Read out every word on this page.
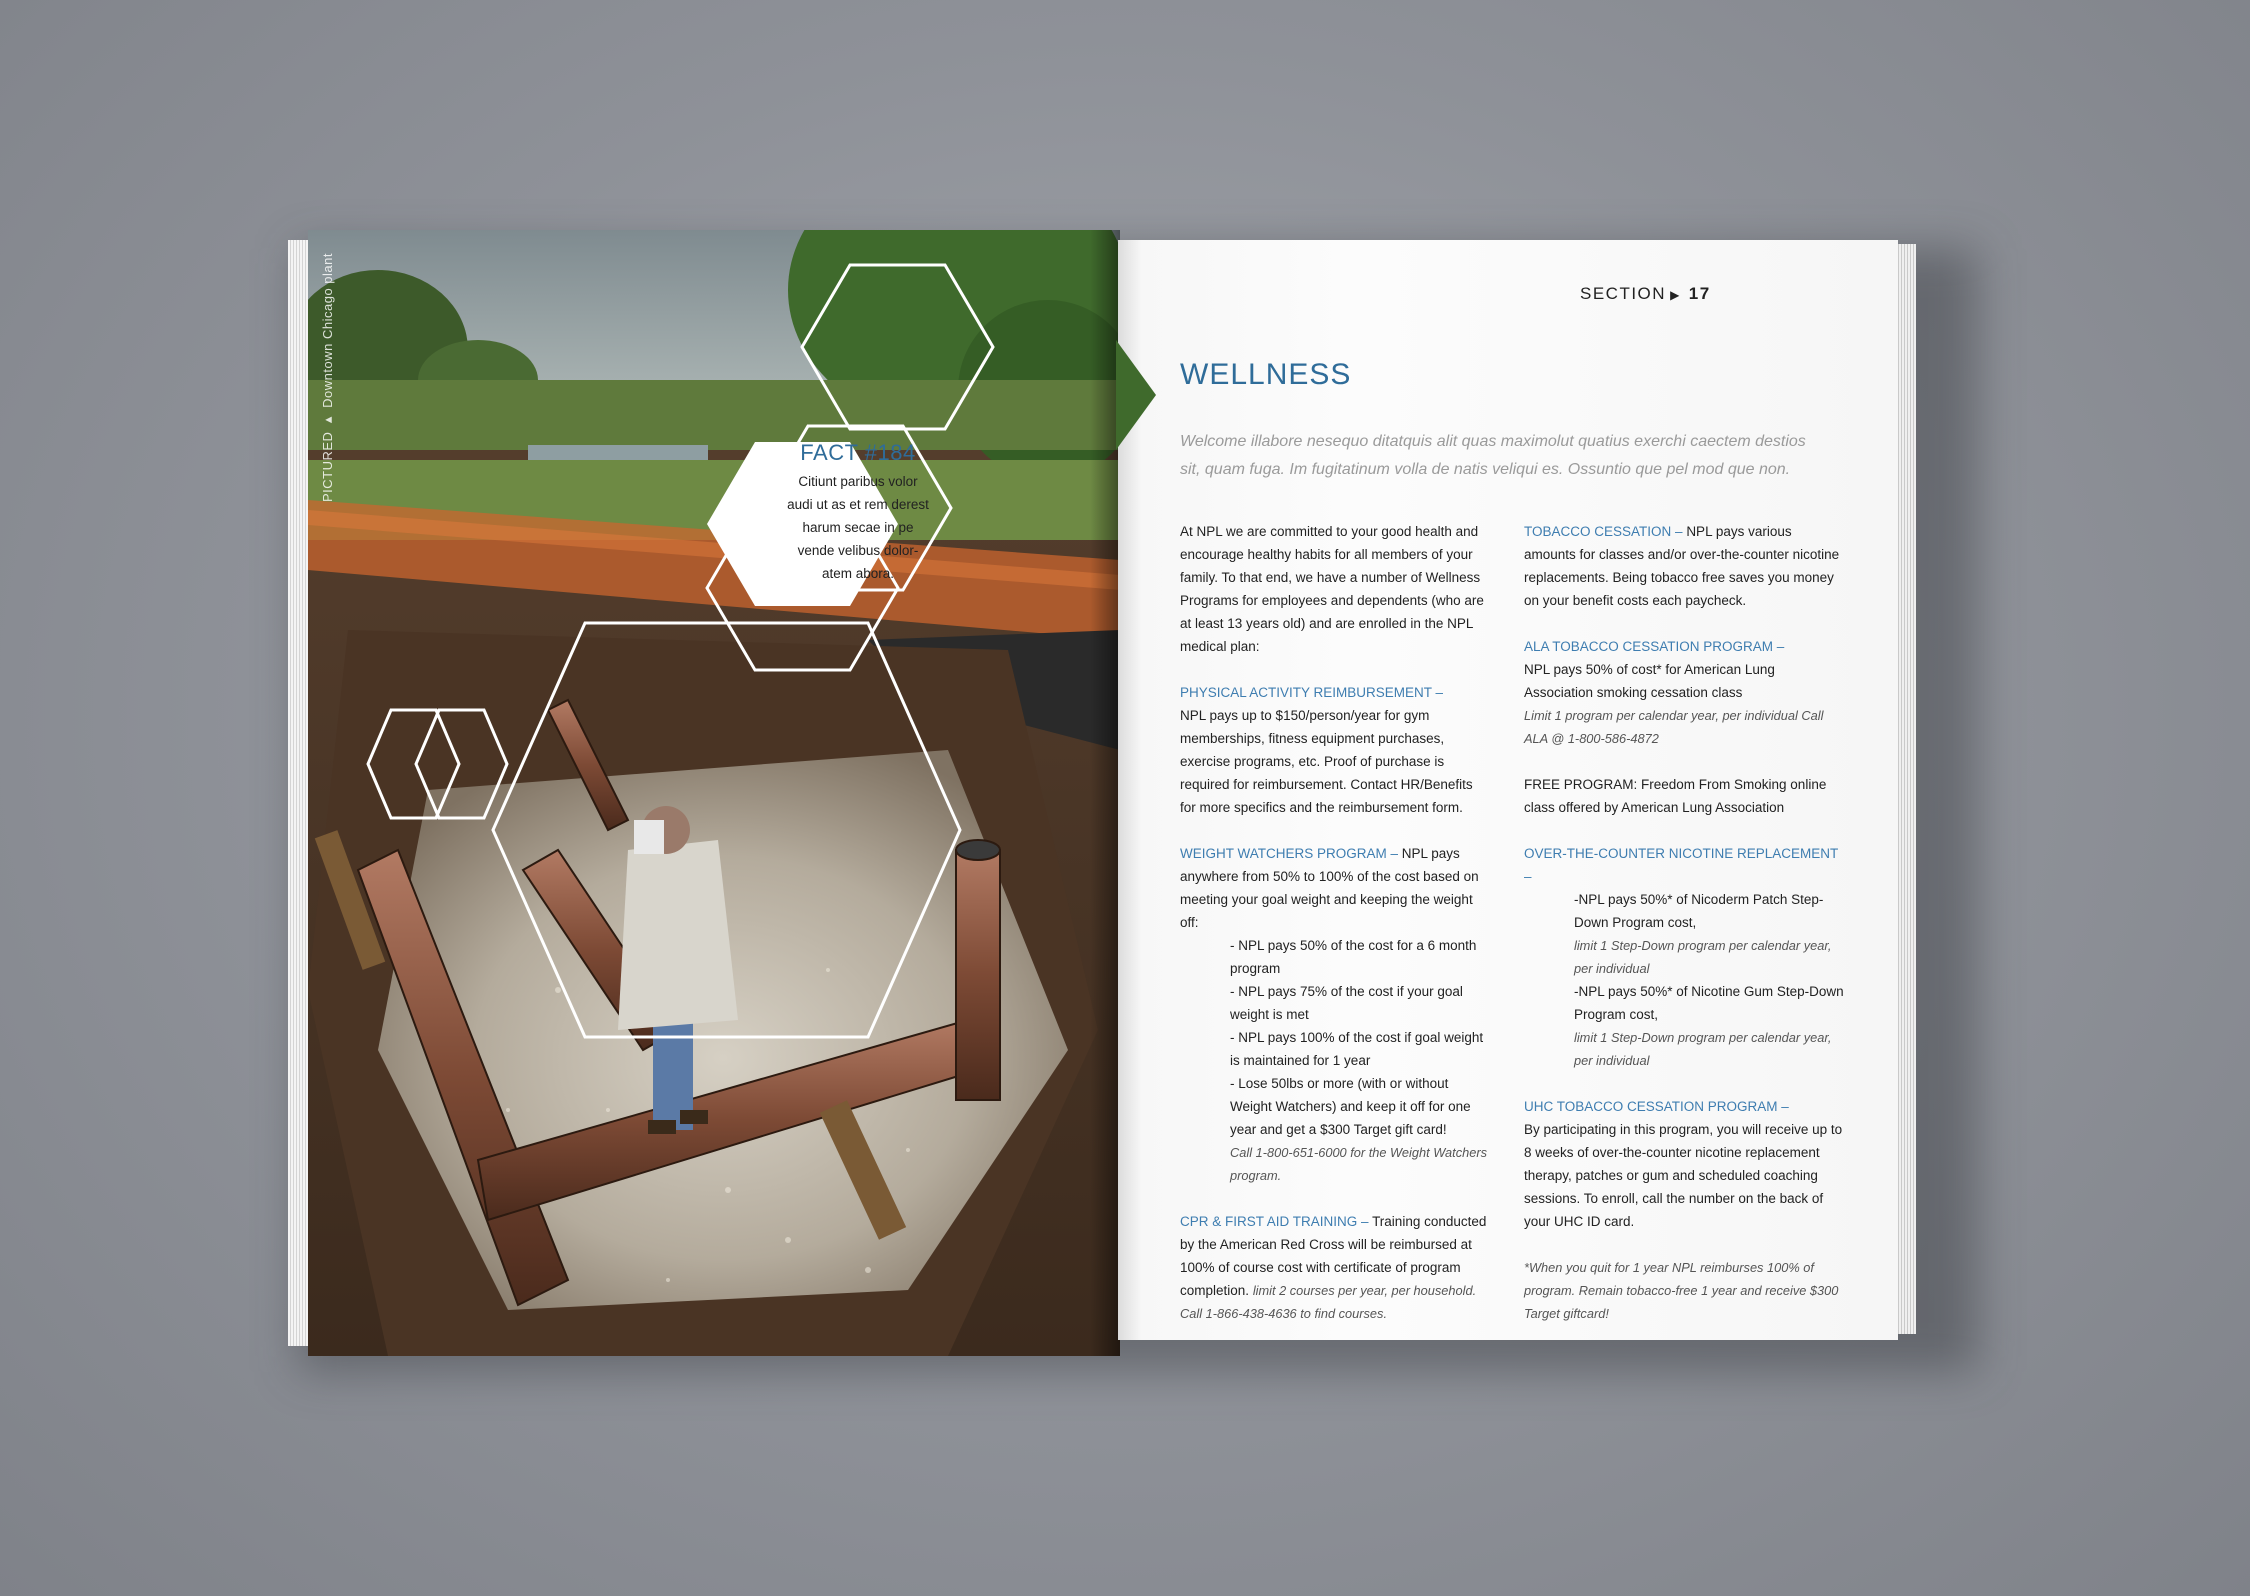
PICTURED ▸ Downtown Chicago plant	FACT #184
Citiunt paribus volor
audi ut as et rem derest
harum secae in pe
vende velibus dolor-
atem abora.
SECTION ▶ 17
WELLNESS
Welcome illabore nesequo ditatquis alit quas maximolut quatius exerchi caectem destios sit, quam fuga. Im fugitatinum volla de natis veliqui es. Ossuntio que pel mod que non.

At NPL we are committed to your good health and encourage healthy habits for all members of your family. To that end, we have a number of Wellness Programs for employees and dependents (who are at least 13 years old) and are enrolled in the NPL medical plan:

PHYSICAL ACTIVITY REIMBURSEMENT –
NPL pays up to $150/person/year for gym memberships, fitness equipment purchases, exercise programs, etc. Proof of purchase is required for reimbursement. Contact HR/Benefits for more specifics and the reimbursement form.

WEIGHT WATCHERS PROGRAM – NPL pays anywhere from 50% to 100% of the cost based on meeting your goal weight and keeping the weight off:

- NPL pays 50% of the cost for a 6 month program
- NPL pays 75% of the cost if your goal weight is met
- NPL pays 100% of the cost if goal weight is maintained for 1 year
- Lose 50lbs or more (with or without Weight Watchers) and keep it off for one year and get a $300 Target gift card!
Call 1-800-651-6000 for the Weight Watchers program.

CPR & FIRST AID TRAINING – Training conducted by the American Red Cross will be reimbursed at 100% of course cost with certificate of program completion. limit 2 courses per year, per household. Call 1-866-438-4636 to find courses.

TOBACCO CESSATION – NPL pays various amounts for classes and/or over-the-counter nicotine replacements. Being tobacco free saves you money on your benefit costs each paycheck.

ALA TOBACCO CESSATION PROGRAM –
NPL pays 50% of cost* for American Lung Association smoking cessation class
Limit 1 program per calendar year, per individual Call ALA @ 1-800-586-4872

FREE PROGRAM: Freedom From Smoking online class offered by American Lung Association

OVER-THE-COUNTER NICOTINE REPLACEMENT –

-NPL pays 50%* of Nicoderm Patch Step-Down Program cost,
limit 1 Step-Down program per calendar year, per individual
-NPL pays 50%* of Nicotine Gum Step-Down Program cost,
limit 1 Step-Down program per calendar year, per individual

UHC TOBACCO CESSATION PROGRAM –
By participating in this program, you will receive up to 8 weeks of over-the-counter nicotine replacement therapy, patches or gum and scheduled coaching sessions. To enroll, call the number on the back of your UHC ID card.

*When you quit for 1 year NPL reimburses 100% of program. Remain tobacco-free 1 year and receive $300 Target giftcard!
